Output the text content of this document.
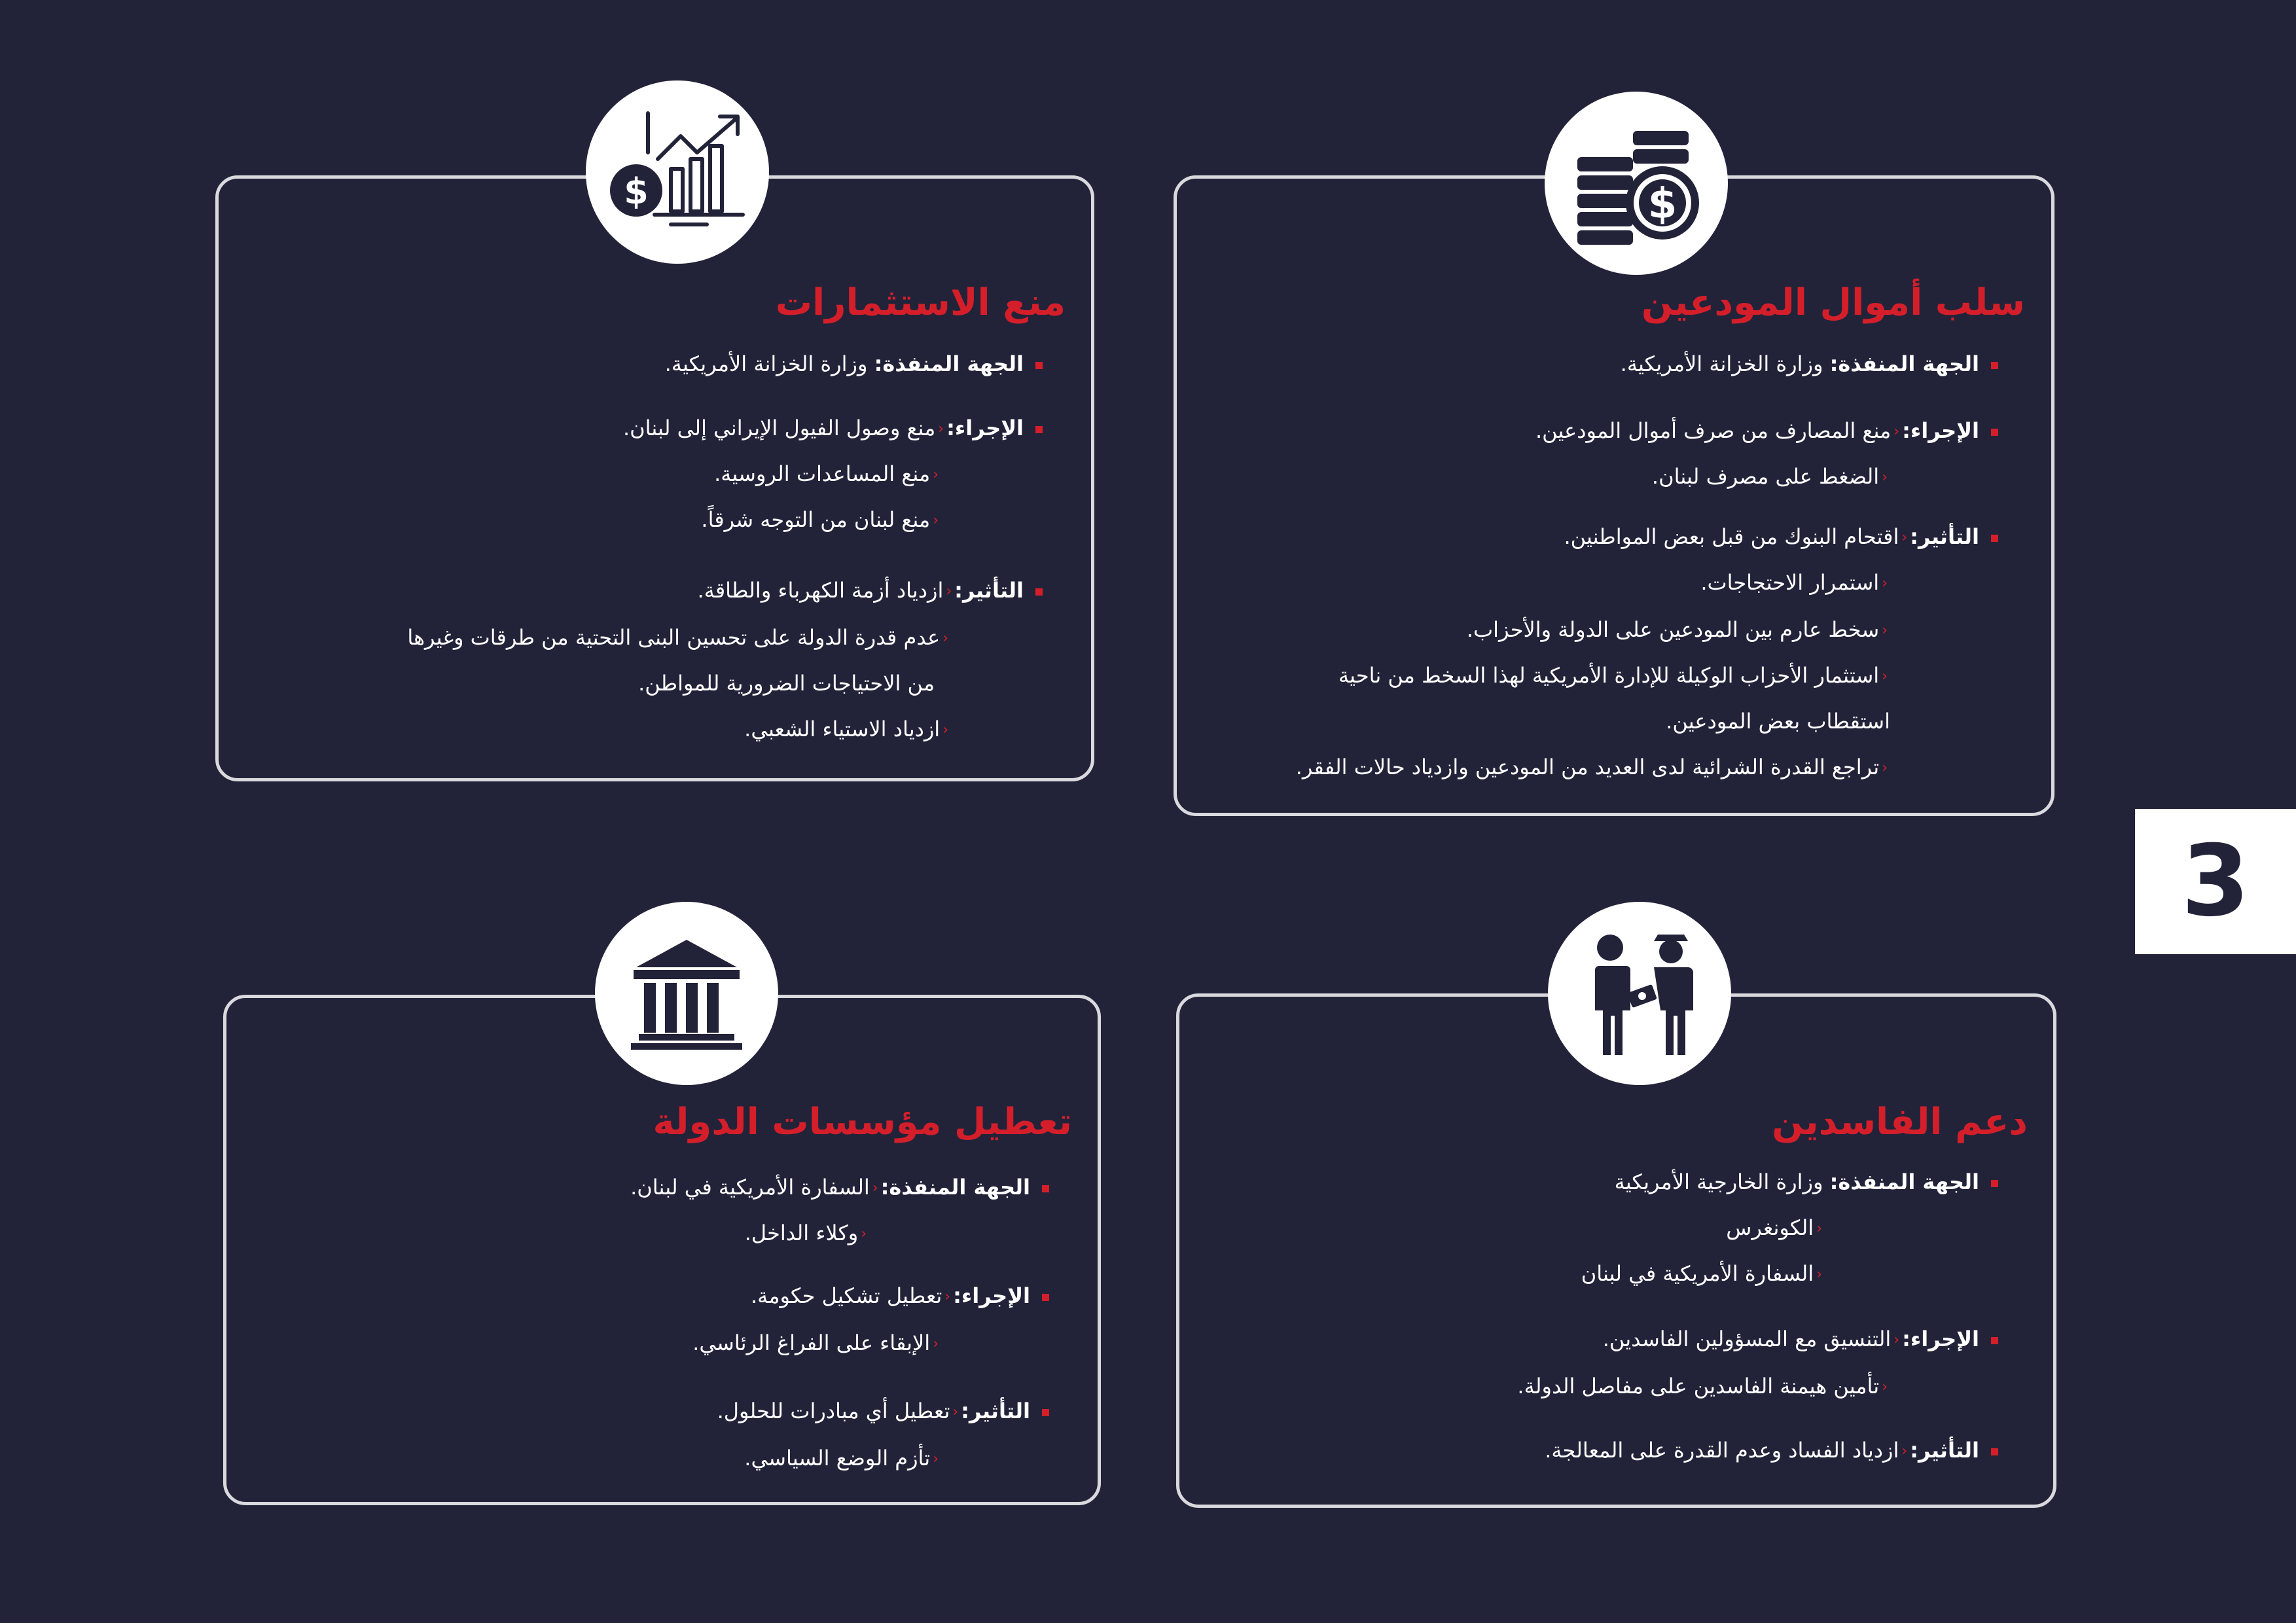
$
سلب أموال المودعين
الجهة المنفذة: وزارة الخزانة الأمريكية.
الإجراء:‹منع المصارف من صرف أموال المودعين.
‹الضغط على مصرف لبنان.
التأثير:‹اقتحام البنوك من قبل بعض المواطنين.
‹استمرار الاحتجاجات.
‹سخط عارم بين المودعين على الدولة والأحزاب.
‹استثمار الأحزاب الوكيلة للإدارة الأمريكية لهذا السخط من ناحية
استقطاب بعض المودعين.
‹تراجع القدرة الشرائية لدى العديد من المودعين وازدياد حالات الفقر.
$
منع الاستثمارات
الجهة المنفذة: وزارة الخزانة الأمريكية.
الإجراء:‹منع وصول الفيول الإيراني إلى لبنان.
‹منع المساعدات الروسية.
‹منع لبنان من التوجه شرقاً.
التأثير:‹ازدياد أزمة الكهرباء والطاقة.
‹عدم قدرة الدولة على تحسين البنى التحتية من طرقات وغيرها
من الاحتياجات الضرورية للمواطن.
‹ازدياد الاستياء الشعبي.
دعم الفاسدين
الجهة المنفذة: وزارة الخارجية الأمريكية
‹الكونغرس
‹السفارة الأمريكية في لبنان
الإجراء:‹التنسيق مع المسؤولين الفاسدين.
‹تأمين هيمنة الفاسدين على مفاصل الدولة.
التأثير:‹ازدياد الفساد وعدم القدرة على المعالجة.
تعطيل مؤسسات الدولة
الجهة المنفذة:‹السفارة الأمريكية في لبنان.
‹وكلاء الداخل.
الإجراء:‹تعطيل تشكيل حكومة.
‹الإبقاء على الفراغ الرئاسي.
التأثير:‹تعطيل أي مبادرات للحلول.
‹تأزم الوضع السياسي.
3
